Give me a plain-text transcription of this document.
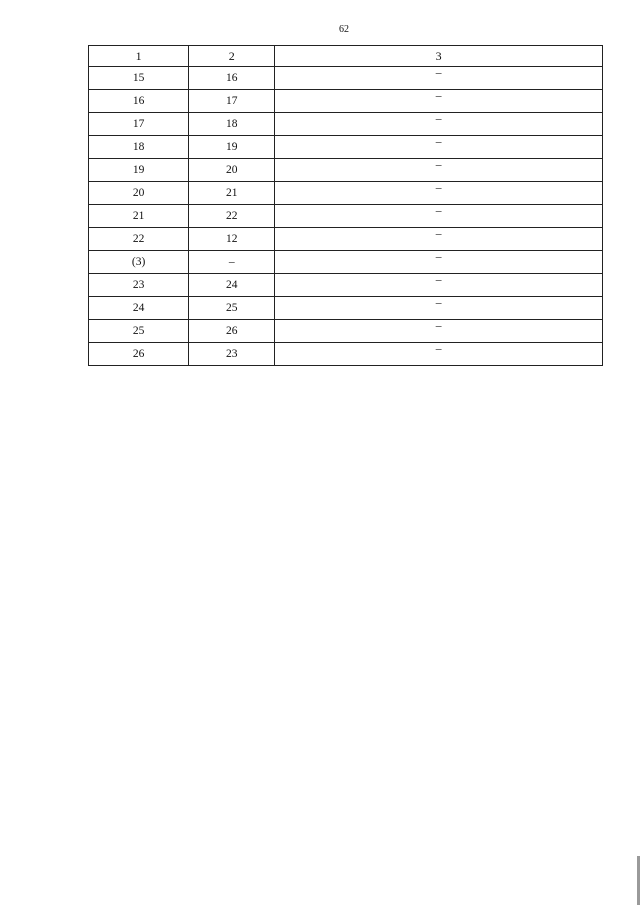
62
1	2	3
15	16	–
16	17	–
17	18	–
18	19	–
19	20	–
20	21	–
21	22	–
22	12	–
(3)	–	–
23	24	–
24	25	–
25	26	–
26	23	–
